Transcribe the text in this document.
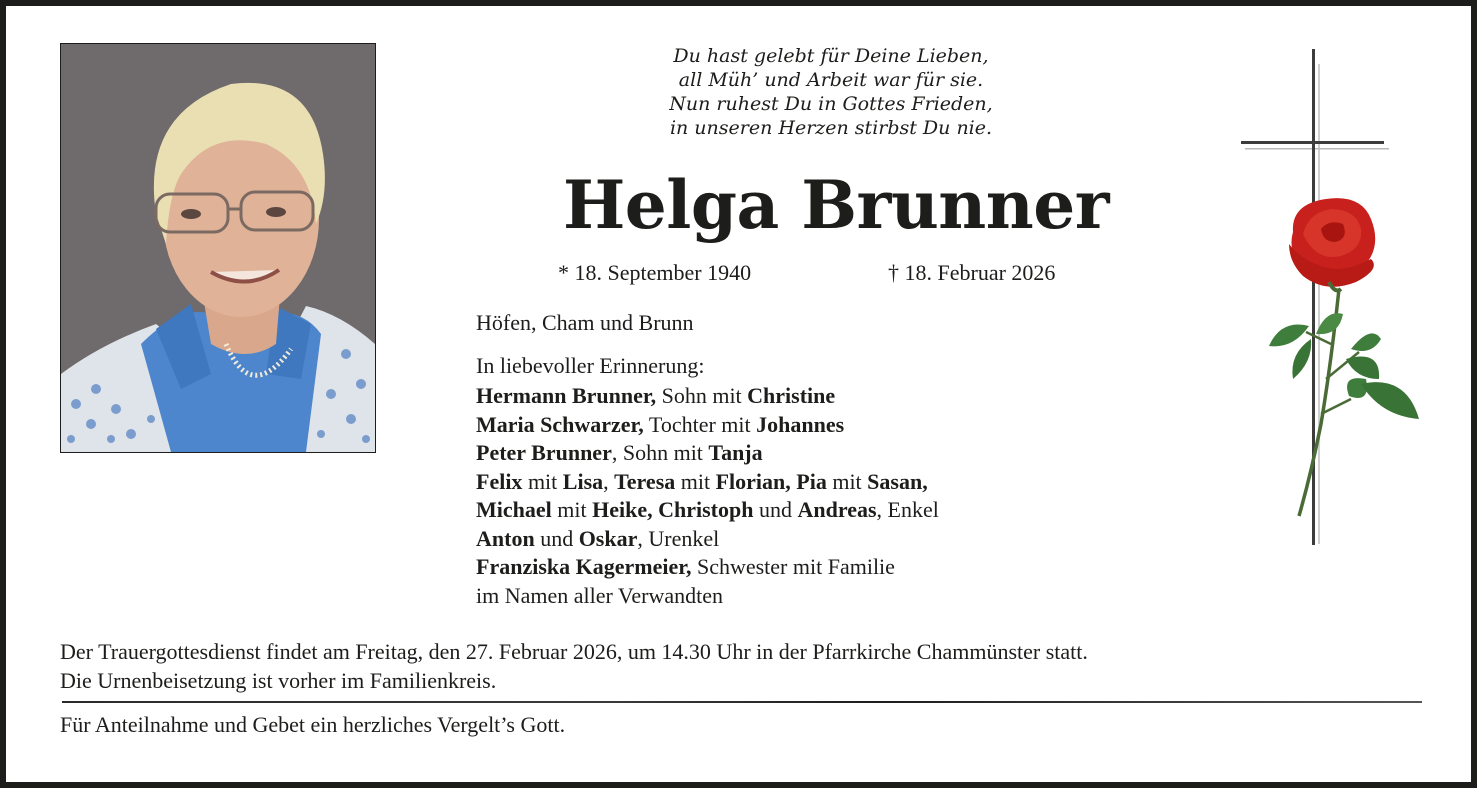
Du hast gelebt für Deine Lieben,
all Müh’ und Arbeit war für sie.
Nun ruhest Du in Gottes Frieden,
in unseren Herzen stirbst Du nie.
Helga Brunner
* 18. September 1940	† 18. Februar 2026
Höfen, Cham und Brunn
In liebevoller Erinnerung:
Hermann Brunner, Sohn mit Christine
Maria Schwarzer, Tochter mit Johannes
Peter Brunner, Sohn mit Tanja
Felix mit Lisa, Teresa mit Florian, Pia mit Sasan,
Michael mit Heike, Christoph und Andreas, Enkel
Anton und Oskar, Urenkel
Franziska Kagermeier, Schwester mit Familie
im Namen aller Verwandten
Der Trauergottesdienst findet am Freitag, den 27. Februar 2026, um 14.30 Uhr in der Pfarrkirche Chammünster statt.
Die Urnenbeisetzung ist vorher im Familienkreis.
Für Anteilnahme und Gebet ein herzliches Vergelt’s Gott.
